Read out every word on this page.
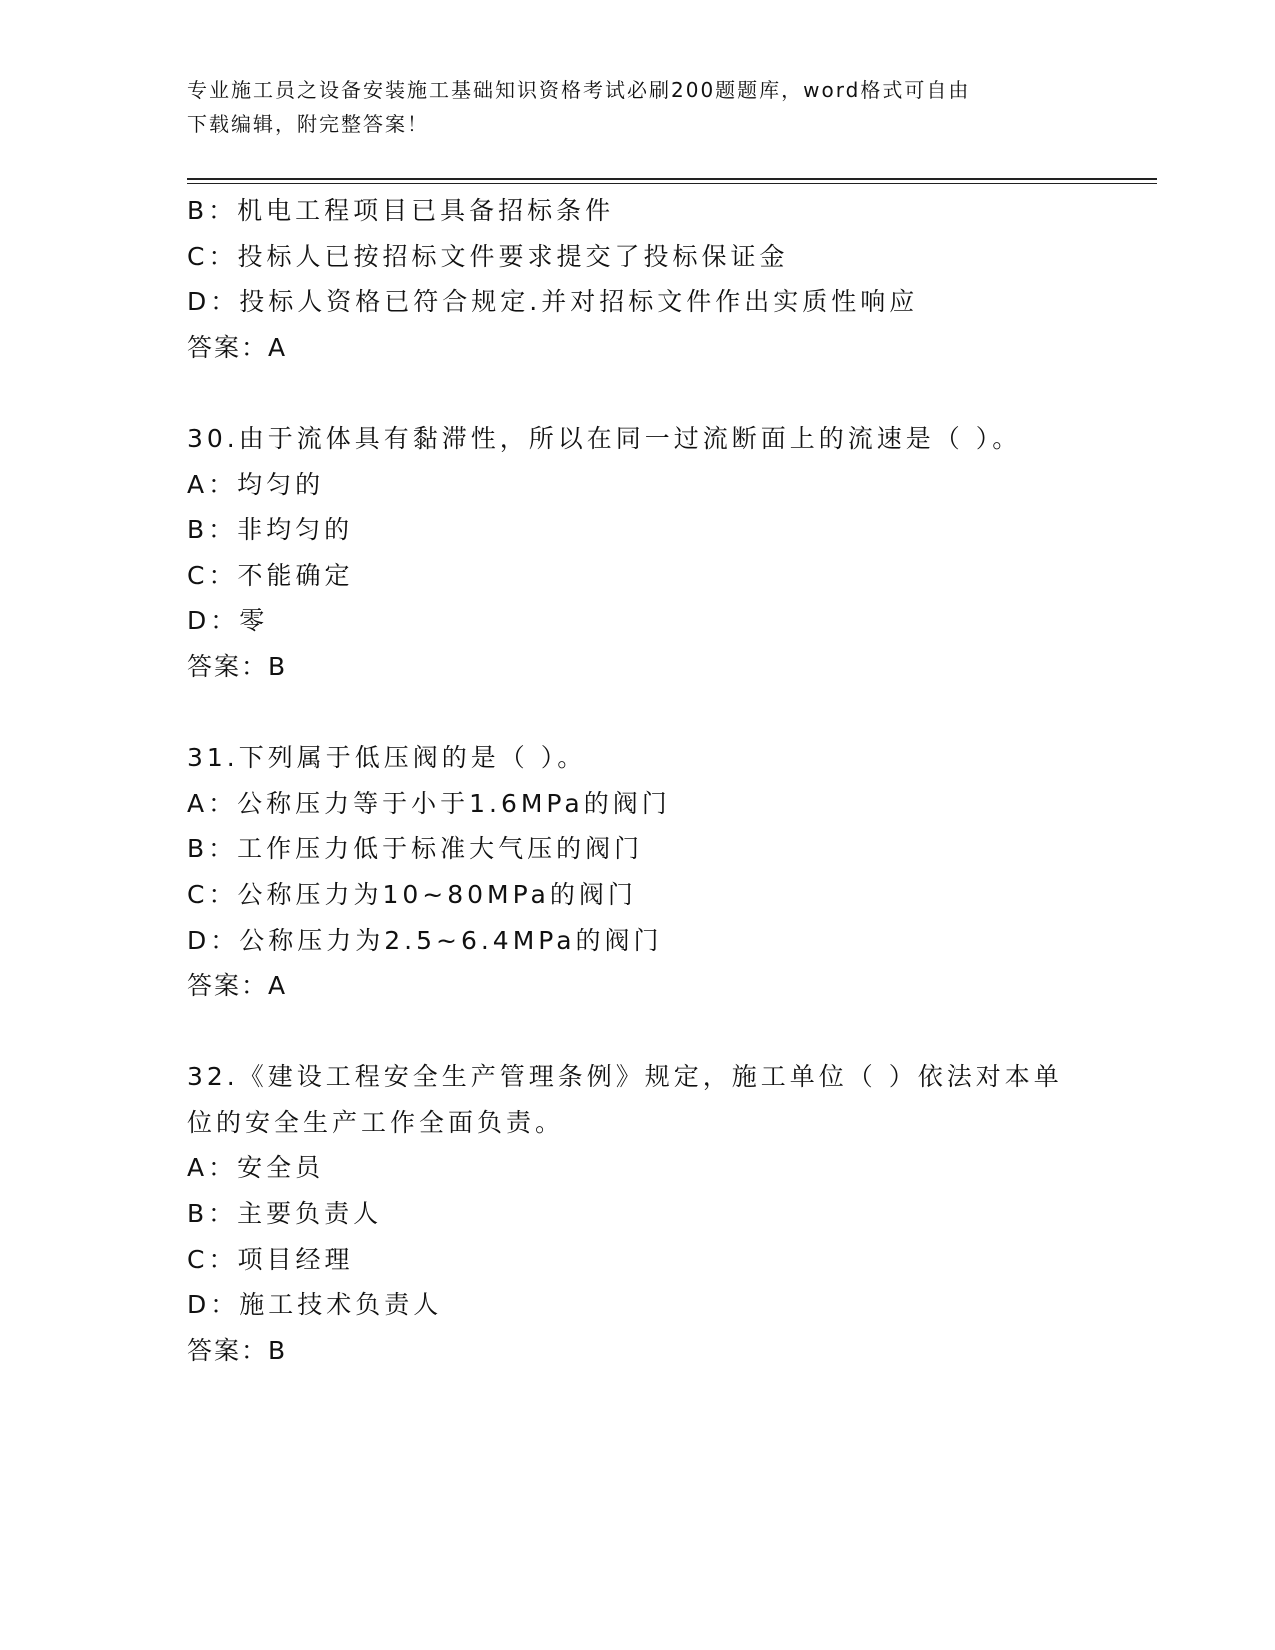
专业施工员之设备安装施工基础知识资格考试必刷200题题库，word格式可自由
下载编辑，附完整答案！
B：机电工程项目已具备招标条件
C：投标人已按招标文件要求提交了投标保证金
D：投标人资格已符合规定.并对招标文件作出实质性响应
答案：A
30.由于流体具有黏滞性，所以在同一过流断面上的流速是（ ）。
A：均匀的
B：非均匀的
C：不能确定
D：零
答案：B
31.下列属于低压阀的是（ ）。
A：公称压力等于小于1.6MPa的阀门
B：工作压力低于标准大气压的阀门
C：公称压力为10~80MPa的阀门
D：公称压力为2.5~6.4MPa的阀门
答案：A
32.《建设工程安全生产管理条例》规定，施工单位（ ）依法对本单
位的安全生产工作全面负责。
A：安全员
B：主要负责人
C：项目经理
D：施工技术负责人
答案：B
